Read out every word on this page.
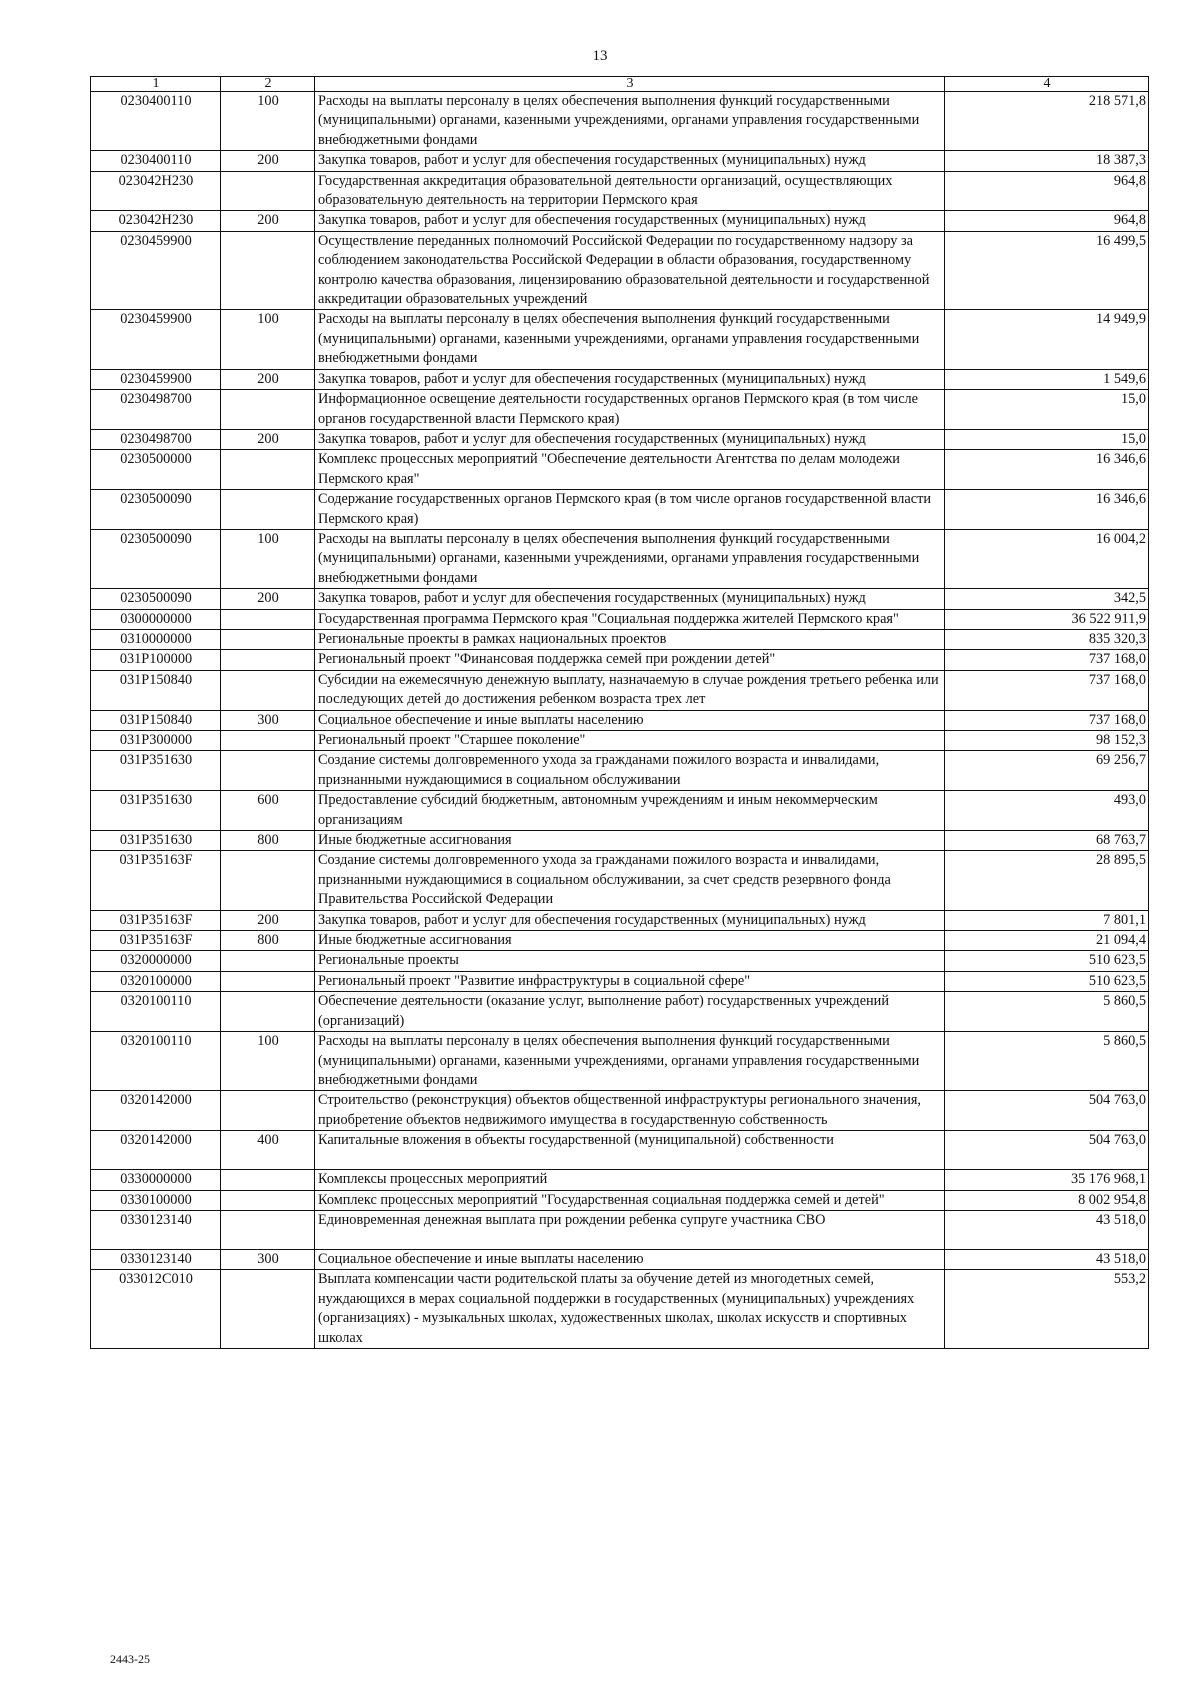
13
1	2	3	4
0230400110	100	Расходы на выплаты персоналу в целях обеспечения выполнения функций государственными (муниципальными) органами, казенными учреждениями, органами управления государственными внебюджетными фондами	218 571,8
0230400110	200	Закупка товаров, работ и услуг для обеспечения государственных (муниципальных) нужд	18 387,3
023042Н230		Государственная аккредитация образовательной деятельности организаций, осуществляющих образовательную деятельность на территории Пермского края	964,8
023042Н230	200	Закупка товаров, работ и услуг для обеспечения государственных (муниципальных) нужд	964,8
0230459900		Осуществление переданных полномочий Российской Федерации по государственному надзору за соблюдением законодательства Российской Федерации в области образования, государственному контролю качества образования, лицензированию образовательной деятельности и государственной аккредитации образовательных учреждений	16 499,5
0230459900	100	Расходы на выплаты персоналу в целях обеспечения выполнения функций государственными (муниципальными) органами, казенными учреждениями, органами управления государственными внебюджетными фондами	14 949,9
0230459900	200	Закупка товаров, работ и услуг для обеспечения государственных (муниципальных) нужд	1 549,6
0230498700		Информационное освещение деятельности государственных органов Пермского края (в том числе органов государственной власти Пермского края)	15,0
0230498700	200	Закупка товаров, работ и услуг для обеспечения государственных (муниципальных) нужд	15,0
0230500000		Комплекс процессных мероприятий "Обеспечение деятельности Агентства по делам молодежи Пермского края"	16 346,6
0230500090		Содержание государственных органов Пермского края (в том числе органов государственной власти Пермского края)	16 346,6
0230500090	100	Расходы на выплаты персоналу в целях обеспечения выполнения функций государственными (муниципальными) органами, казенными учреждениями, органами управления государственными внебюджетными фондами	16 004,2
0230500090	200	Закупка товаров, работ и услуг для обеспечения государственных (муниципальных) нужд	342,5
0300000000		Государственная программа Пермского края "Социальная поддержка жителей Пермского края"	36 522 911,9
0310000000		Региональные проекты в рамках национальных проектов	835 320,3
031Р100000		Региональный проект "Финансовая поддержка семей при рождении детей"	737 168,0
031Р150840		Субсидии на ежемесячную денежную выплату, назначаемую в случае рождения третьего ребенка или последующих детей до достижения ребенком возраста трех лет	737 168,0
031Р150840	300	Социальное обеспечение и иные выплаты населению	737 168,0
031Р300000		Региональный проект "Старшее поколение"	98 152,3
031Р351630		Создание системы долговременного ухода за гражданами пожилого возраста и инвалидами, признанными нуждающимися в социальном обслуживании	69 256,7
031Р351630	600	Предоставление субсидий бюджетным, автономным учреждениям и иным некоммерческим организациям	493,0
031Р351630	800	Иные бюджетные ассигнования	68 763,7
031Р35163F		Создание системы долговременного ухода за гражданами пожилого возраста и инвалидами, признанными нуждающимися в социальном обслуживании, за счет средств резервного фонда Правительства Российской Федерации	28 895,5
031Р35163F	200	Закупка товаров, работ и услуг для обеспечения государственных (муниципальных) нужд	7 801,1
031Р35163F	800	Иные бюджетные ассигнования	21 094,4
0320000000		Региональные проекты	510 623,5
0320100000		Региональный проект "Развитие инфраструктуры в социальной сфере"	510 623,5
0320100110		Обеспечение деятельности (оказание услуг, выполнение работ) государственных учреждений (организаций)	5 860,5
0320100110	100	Расходы на выплаты персоналу в целях обеспечения выполнения функций государственными (муниципальными) органами, казенными учреждениями, органами управления государственными внебюджетными фондами	5 860,5
0320142000		Строительство (реконструкция) объектов общественной инфраструктуры регионального значения, приобретение объектов недвижимого имущества в государственную собственность	504 763,0
0320142000	400	Капитальные вложения в объекты государственной (муниципальной) собственности	504 763,0
0330000000		Комплексы процессных мероприятий	35 176 968,1
0330100000		Комплекс процессных мероприятий "Государственная социальная поддержка семей и детей"	8 002 954,8
0330123140		Единовременная денежная выплата при рождении ребенка супруге участника СВО	43 518,0
0330123140	300	Социальное обеспечение и иные выплаты населению	43 518,0
033012С010		Выплата компенсации части родительской платы за обучение детей из многодетных семей, нуждающихся в мерах социальной поддержки в государственных (муниципальных) учреждениях (организациях) - музыкальных школах, художественных школах, школах искусств и спортивных школах	553,2
2443-25
